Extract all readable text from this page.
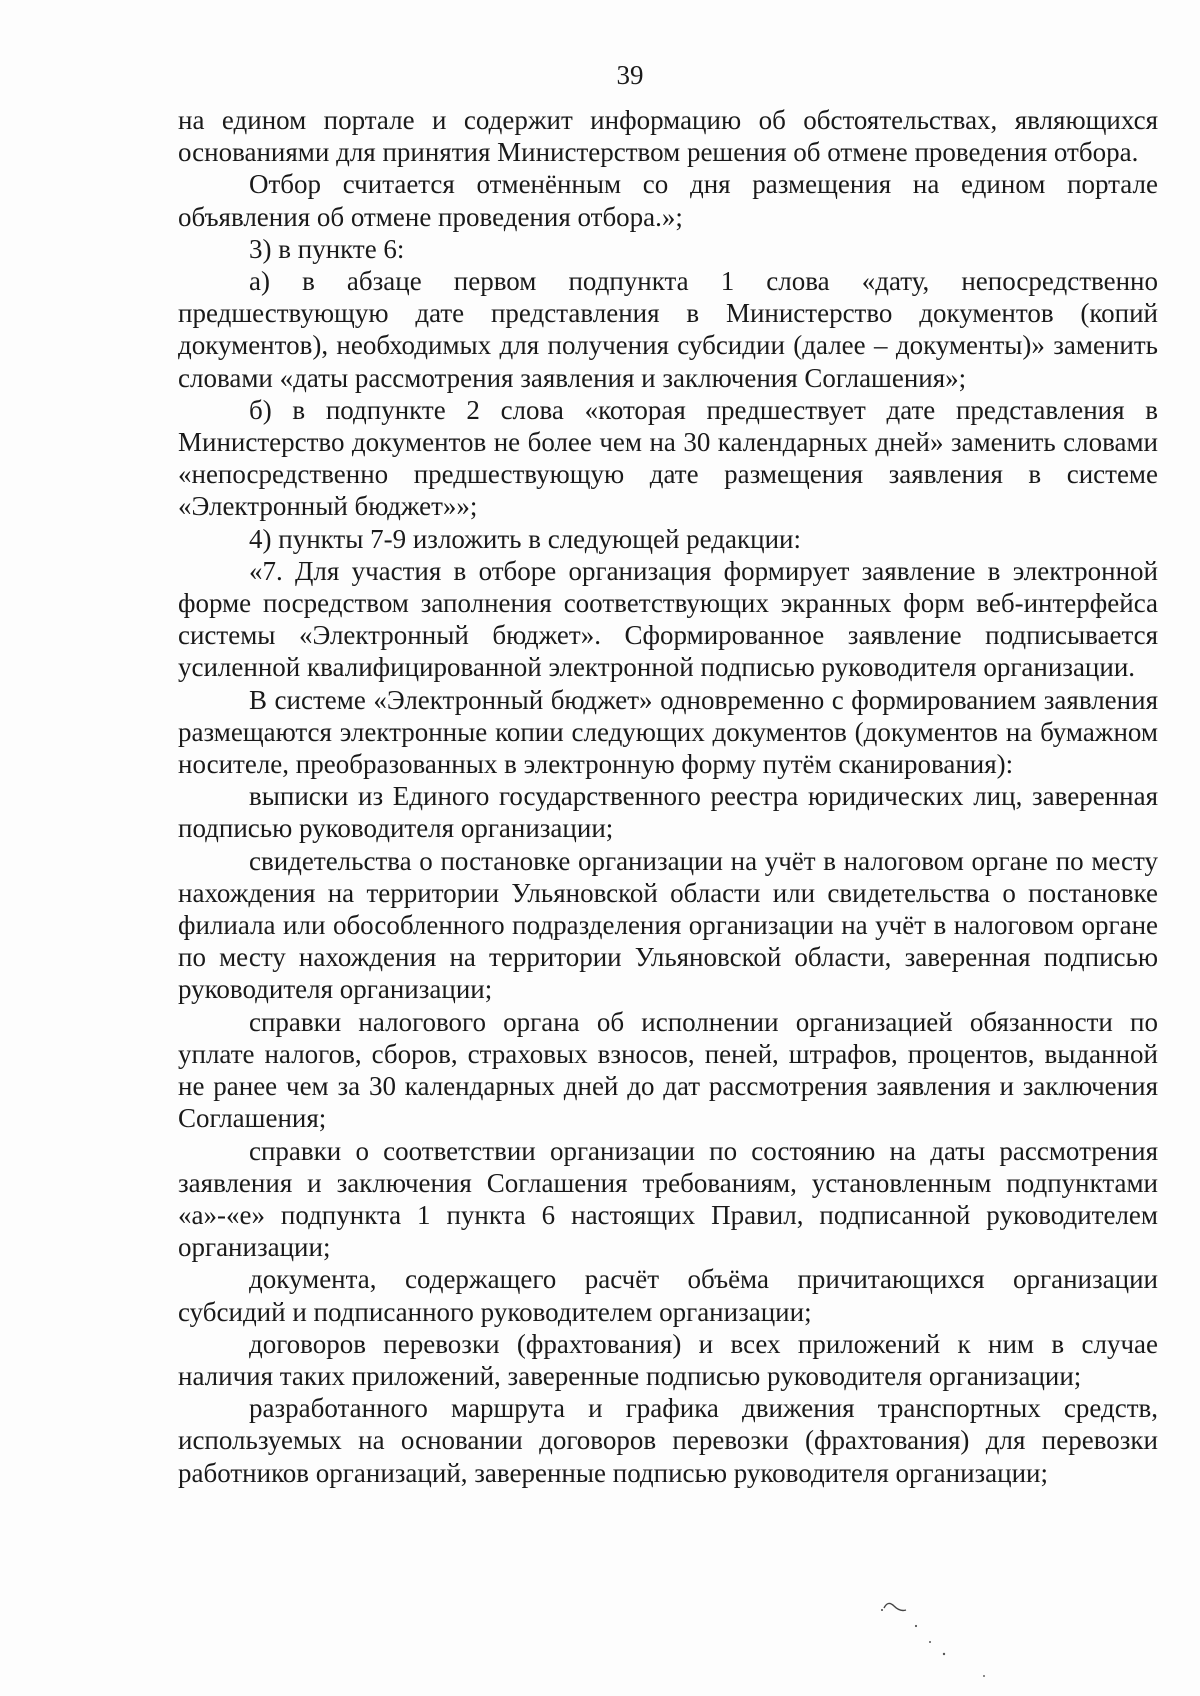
39

на едином портале и содержит информацию об обстоятельствах, являющихся основаниями для принятия Министерством решения об отмене проведения отбора.

Отбор считается отменённым со дня размещения на едином портале объявления об отмене проведения отбора.»;

3) в пункте 6:

а) в абзаце первом подпункта 1 слова «дату, непосредственно предшествующую дате представления в Министерство документов (копий документов), необходимых для получения субсидии (далее – документы)» заменить словами «даты рассмотрения заявления и заключения Соглашения»;

б) в подпункте 2 слова «которая предшествует дате представления в Министерство документов не более чем на 30 календарных дней» заменить словами «непосредственно предшествующую дате размещения заявления в системе «Электронный бюджет»»;

4) пункты 7-9 изложить в следующей редакции:

«7. Для участия в отборе организация формирует заявление в электронной форме посредством заполнения соответствующих экранных форм веб-интерфейса системы «Электронный бюджет». Сформированное заявление подписывается усиленной квалифицированной электронной подписью руководителя организации.

В системе «Электронный бюджет» одновременно с формированием заявления размещаются электронные копии следующих документов (документов на бумажном носителе, преобразованных в электронную форму путём сканирования):

выписки из Единого государственного реестра юридических лиц, заверенная подписью руководителя организации;

свидетельства о постановке организации на учёт в налоговом органе по месту нахождения на территории Ульяновской области или свидетельства о постановке филиала или обособленного подразделения организации на учёт в налоговом органе по месту нахождения на территории Ульяновской области, заверенная подписью руководителя организации;

справки налогового органа об исполнении организацией обязанности по уплате налогов, сборов, страховых взносов, пеней, штрафов, процентов, выданной не ранее чем за 30 календарных дней до дат рассмотрения заявления и заключения Соглашения;

справки о соответствии организации по состоянию на даты рассмотрения заявления и заключения Соглашения требованиям, установленным подпунктами «а»-«е» подпункта 1 пункта 6 настоящих Правил, подписанной руководителем организации;

документа, содержащего расчёт объёма причитающихся организации субсидий и подписанного руководителем организации;

договоров перевозки (фрахтования) и всех приложений к ним в случае наличия таких приложений, заверенные подписью руководителя организации;

разработанного маршрута и графика движения транспортных средств, используемых на основании договоров перевозки (фрахтования) для перевозки работников организаций, заверенные подписью руководителя организации;
